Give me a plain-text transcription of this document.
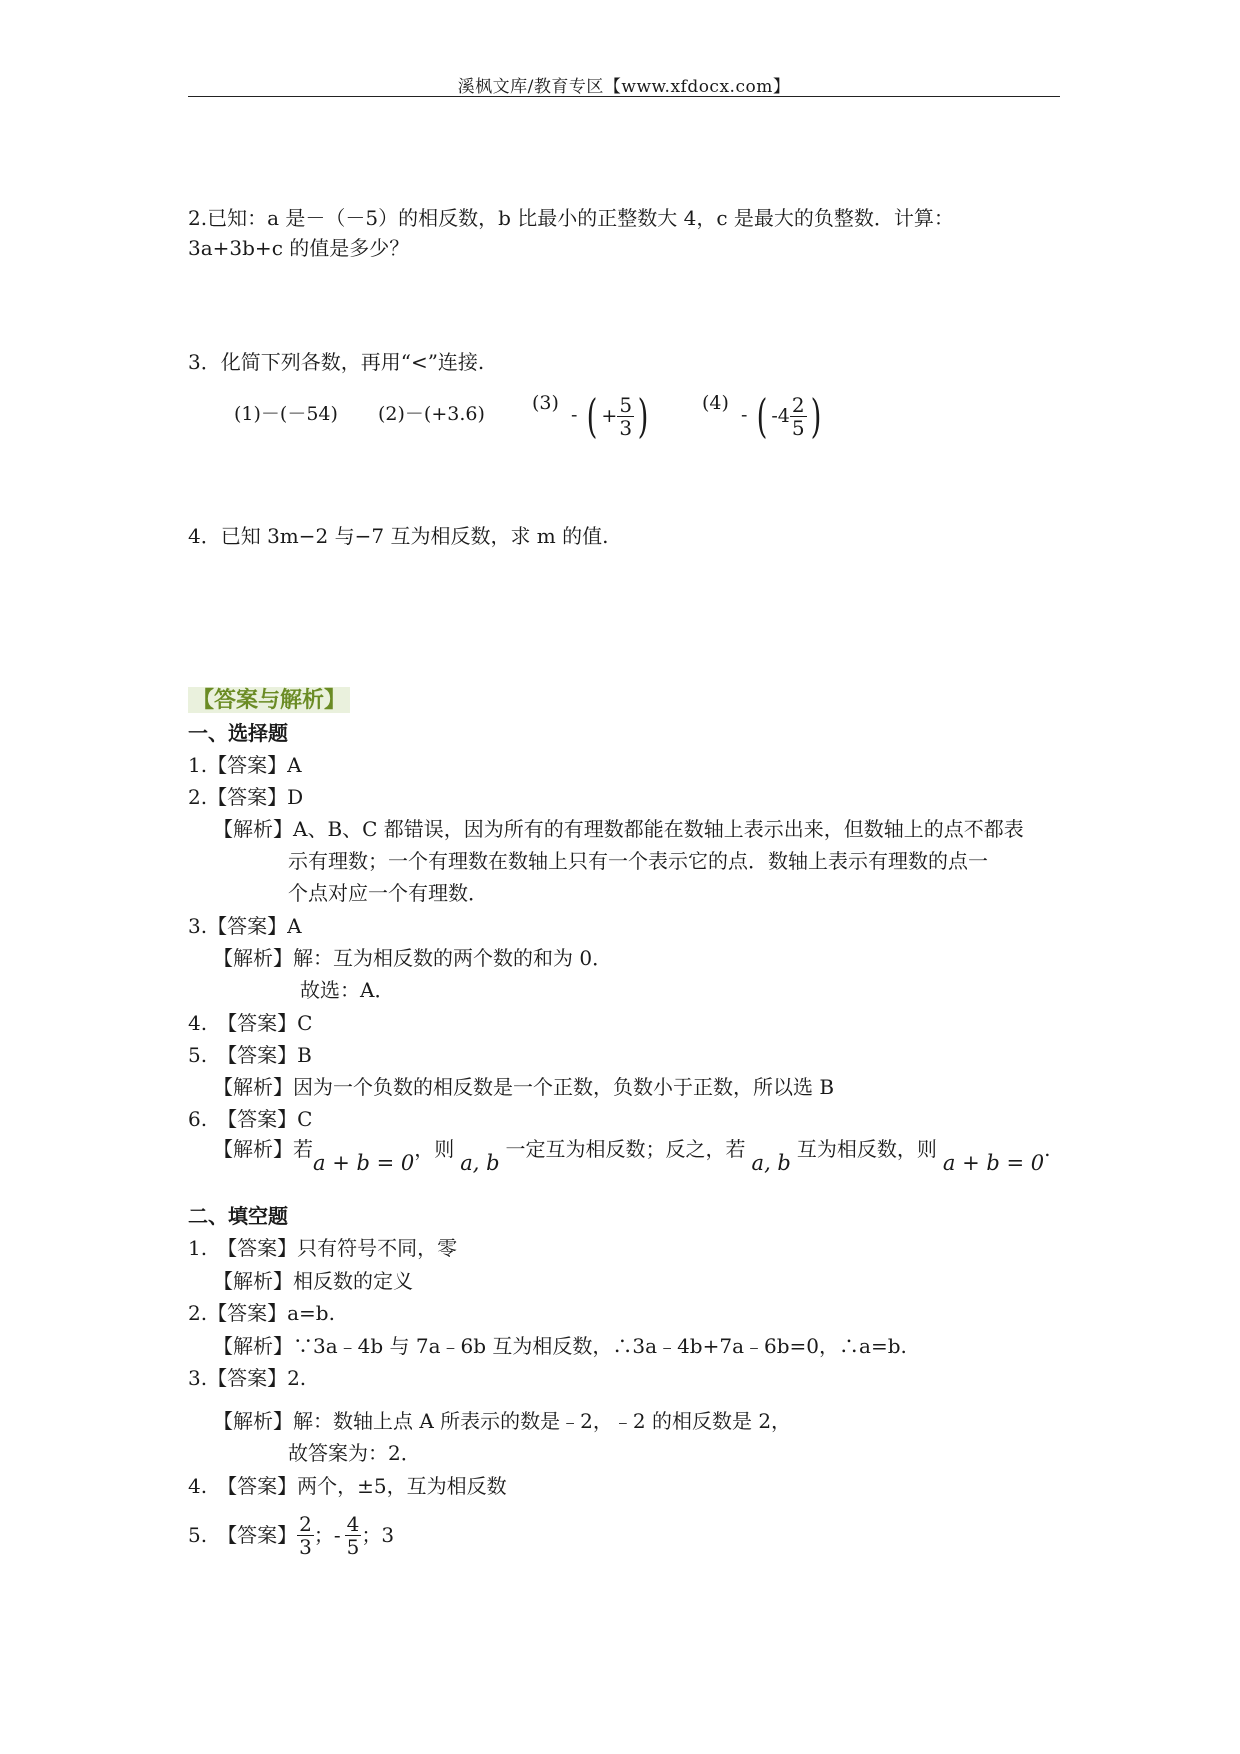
溪枫文库/教育专区【www.xfdocx.com】
2.已知：a 是－（－5）的相反数，b 比最小的正整数大 4，c 是最大的负整数．计算：
3a+3b+c 的值是多少？
3．化简下列各数，再用“<”连接.
(1)－(－54) (2)－(+3.6) (3) - ( + $\frac{5}{3}$ )	(4) - ( $-4 \frac{2}{5}$ )
4．已知 3m−2 与−7 互为相反数，求 m 的值.
【答案与解析】
一、选择题
1.【答案】A
2.【答案】D
【解析】A、B、C 都错误，因为所有的有理数都能在数轴上表示出来，但数轴上的点不都表
示有理数；一个有理数在数轴上只有一个表示它的点．数轴上表示有理数的点一
个点对应一个有理数．
3.【答案】A
【解析】解：互为相反数的两个数的和为 0．
故选：A．
4.　【答案】C
5.　【答案】B
【解析】因为一个负数的相反数是一个正数，负数小于正数，所以选 B
6.　【答案】C
【解析】若a + b = 0，则a, b一定互为相反数；反之，若a, b互为相反数，则a + b = 0.
二、填空题
1.　【答案】只有符号不同，零
【解析】相反数的定义
2.【答案】a=b.
【解析】∵3a﹣4b 与 7a﹣6b 互为相反数，∴3a﹣4b+7a﹣6b=0，∴a=b.
3.【答案】2.
【解析】解：数轴上点 A 所表示的数是﹣2，﹣2 的相反数是 2，
故答案为：2．
4.　【答案】两个，±5，互为相反数
5.　【答案】 $\frac{2}{3}$ ； - $\frac{4}{5}$ ； 3
